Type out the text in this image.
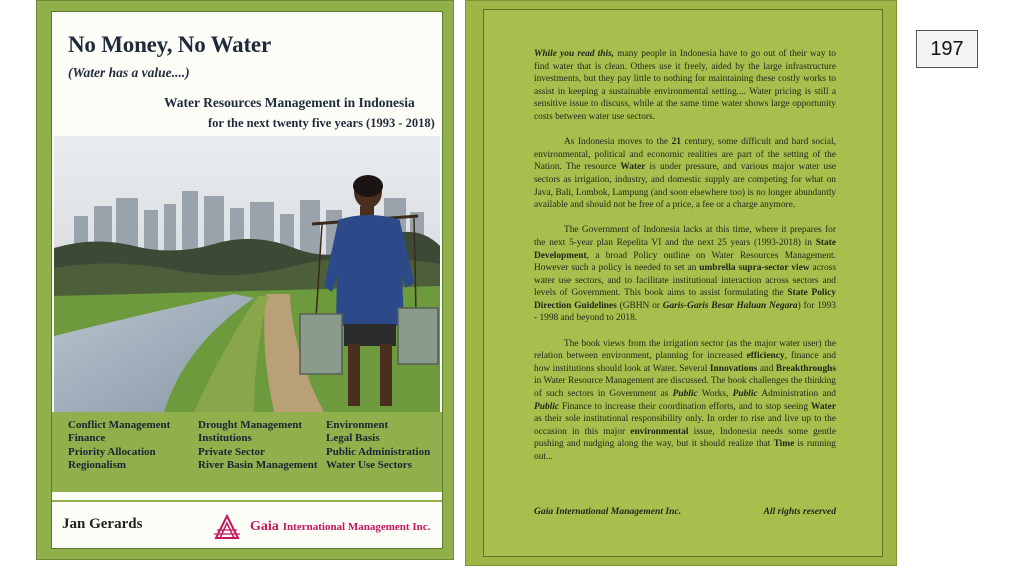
No Money, No Water
(Water has a value....)
Water Resources Management in Indonesia
for the next twenty five years (1993 - 2018)
Conflict Management
Finance
Priority Allocation
Regionalism
Drought Management
Institutions
Private Sector
River Basin Management
Environment
Legal Basis
Public Administration
Water Use Sectors
Jan Gerards	Gaia International Management Inc.

While you read this, many people in Indonesia have to go out of their way to find water that is clean. Others use it freely, aided by the large infrastructure investments, but they pay little to nothing for maintaining these costly works to assist in keeping a sustainable environmental setting.... Water pricing is still a sensitive issue to discuss, while at the same time water shows large opportunity costs between water use sectors.

As Indonesia moves to the 21 century, some difficult and hard social, environmental, political and economic realities are part of the setting of the Nation. The resource Water is under pressure, and various major water use sectors as irrigation, industry, and domestic supply are competing for what on Java, Bali, Lombok, Lampung (and soon elsewhere too) is no longer abundantly available and should not be free of a price, a fee or a charge anymore.

The Government of Indonesia lacks at this time, where it prepares for the next 5-year plan Repelita VI and the next 25 years (1993-2018) in State Development, a broad Policy outline on Water Resources Management. However such a policy is needed to set an umbrella supra-sector view across water use sectors, and to facilitate institutional interaction across sectors and levels of Government. This book aims to assist formulating the State Policy Direction Guidelines (GBHN or Garis-Garis Besar Haluan Negara) for 1993 - 1998 and beyond to 2018.

The book views from the irrigation sector (as the major water user) the relation between environment, planning for increased efficiency, finance and how institutions should look at Water. Several Innovations and Breakthroughs in Water Resource Management are discussed. The book challenges the thinking of such sectors in Government as Public Works, Public Administration and Public Finance to increase their coordination efforts, and to stop seeing Water as their sole institutional responsibility only. In order to rise and live up to the occasion in this major environmental issue, Indonesia needs some gentle pushing and nudging along the way, but it should realize that Time is running out...

Gaia International Management Inc.	All rights reserved
197
